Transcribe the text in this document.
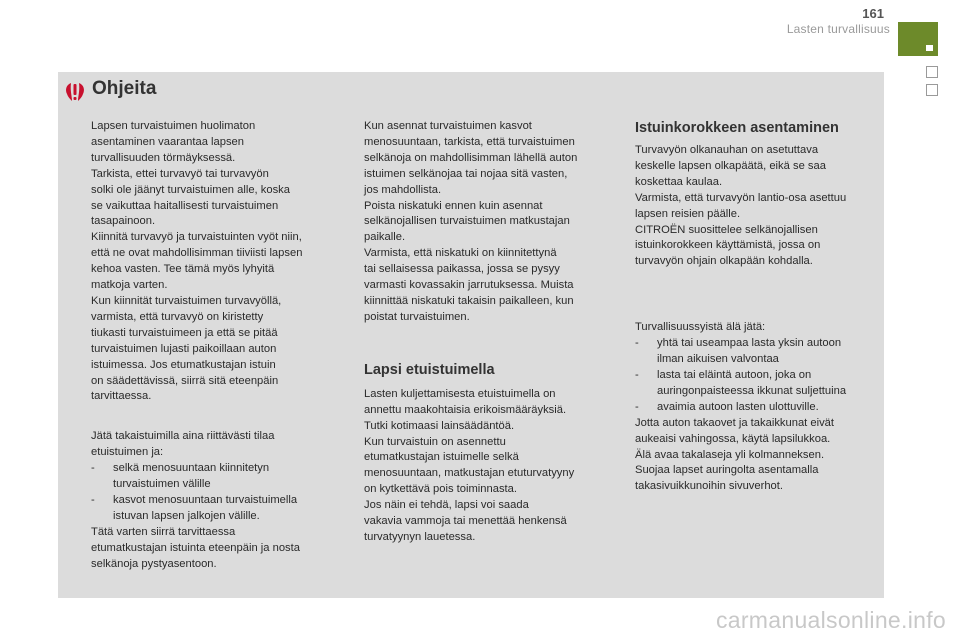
161
Lasten turvallisuus
Ohjeita
Lapsen turvaistuimen huolimaton
asentaminen vaarantaa lapsen
turvallisuuden törmäyksessä.
Tarkista, ettei turvavyö tai turvavyön
solki ole jäänyt turvaistuimen alle, koska
se vaikuttaa haitallisesti turvaistuimen
tasapainoon.
Kiinnitä turvavyö ja turvaistuinten vyöt niin,
että ne ovat mahdollisimman tiiviisti lapsen
kehoa vasten. Tee tämä myös lyhyitä
matkoja varten.
Kun kiinnität turvaistuimen turvavyöllä,
varmista, että turvavyö on kiristetty
tiukasti turvaistuimeen ja että se pitää
turvaistuimen lujasti paikoillaan auton
istuimessa. Jos etumatkustajan istuin
on säädettävissä, siirrä sitä eteenpäin
tarvittaessa.
Jätä takaistuimilla aina riittävästi tilaa
etuistuimen ja:
- selkä menosuuntaan kiinnitetyn
turvaistuimen välille
- kasvot menosuuntaan turvaistuimella
istuvan lapsen jalkojen välille.
Tätä varten siirrä tarvittaessa
etumatkustajan istuinta eteenpäin ja nosta
selkänoja pystyasentoon.
Kun asennat turvaistuimen kasvot
menosuuntaan, tarkista, että turvaistuimen
selkänoja on mahdollisimman lähellä auton
istuimen selkänojaa tai nojaa sitä vasten,
jos mahdollista.
Poista niskatuki ennen kuin asennat
selkänojallisen turvaistuimen matkustajan
paikalle.
Varmista, että niskatuki on kiinnitettynä
tai sellaisessa paikassa, jossa se pysyy
varmasti kovassakin jarrutuksessa. Muista
kiinnittää niskatuki takaisin paikalleen, kun
poistat turvaistuimen.
Lapsi etuistuimella
Lasten kuljettamisesta etuistuimella on
annettu maakohtaisia erikoismääräyksiä.
Tutki kotimaasi lainsäädäntöä.
Kun turvaistuin on asennettu
etumatkustajan istuimelle selkä
menosuuntaan, matkustajan etuturvatyyny
on kytkettävä pois toiminnasta.
Jos näin ei tehdä, lapsi voi saada
vakavia vammoja tai menettää henkensä
turvatyynyn lauetessa.
Istuinkorokkeen asentaminen
Turvavyön olkanauhan on asetuttava
keskelle lapsen olkapäätä, eikä se saa
koskettaa kaulaa.
Varmista, että turvavyön lantio-osa asettuu
lapsen reisien päälle.
CITROËN suosittelee selkänojallisen
istuinkorokkeen käyttämistä, jossa on
turvavyön ohjain olkapään kohdalla.
Turvallisuussyistä älä jätä:
- yhtä tai useampaa lasta yksin autoon
ilman aikuisen valvontaa
- lasta tai eläintä autoon, joka on
auringonpaisteessa ikkunat suljettuina
- avaimia autoon lasten ulottuville.
Jotta auton takaovet ja takaikkunat eivät
aukeaisi vahingossa, käytä lapsilukkoa.
Älä avaa takalaseja yli kolmanneksen.
Suojaa lapset auringolta asentamalla
takasivuikkunoihin sivuverhot.
carmanualsonline.info
